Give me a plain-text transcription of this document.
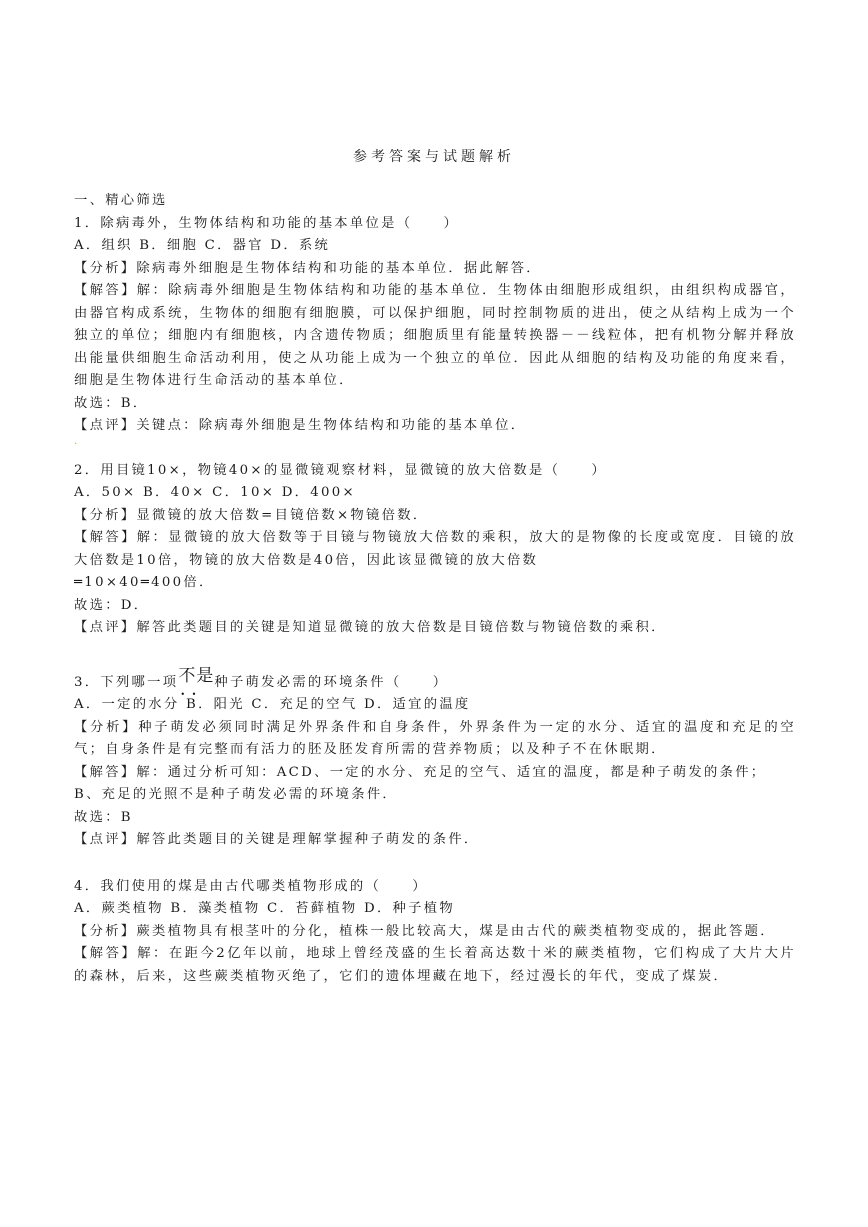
参考答案与试题解析

一、精心筛选

1．除病毒外，生物体结构和功能的基本单位是（　　）

A．组织 B．细胞 C．器官 D．系统

【分析】除病毒外细胞是生物体结构和功能的基本单位．据此解答．

【解答】解：除病毒外细胞是生物体结构和功能的基本单位．生物体由细胞形成组织，由组织构成器官，由器官构成系统，生物体的细胞有细胞膜，可以保护细胞，同时控制物质的进出，使之从结构上成为一个独立的单位；细胞内有细胞核，内含遗传物质；细胞质里有能量转换器－－线粒体，把有机物分解并释放出能量供细胞生命活动利用，使之从功能上成为一个独立的单位．因此从细胞的结构及功能的角度来看，细胞是生物体进行生命活动的基本单位．

故选：B．

【点评】关键点：除病毒外细胞是生物体结构和功能的基本单位．

·

2．用目镜10×，物镜40×的显微镜观察材料，显微镜的放大倍数是（　　）

A．50× B．40× C．10× D．400×

【分析】显微镜的放大倍数=目镜倍数×物镜倍数．

【解答】解：显微镜的放大倍数等于目镜与物镜放大倍数的乘积，放大的是物像的长度或宽度．目镜的放大倍数是10倍，物镜的放大倍数是40倍，因此该显微镜的放大倍数

═10×40═400倍．

故选：D．

【点评】解答此类题目的关键是知道显微镜的放大倍数是目镜倍数与物镜倍数的乘积．

3．下列哪一项不是 • •种子萌发必需的环境条件（　　）

A．一定的水分 B．阳光 C．充足的空气 D．适宜的温度

【分析】种子萌发必须同时满足外界条件和自身条件，外界条件为一定的水分、适宜的温度和充足的空气；自身条件是有完整而有活力的胚及胚发育所需的营养物质；以及种子不在休眠期．

【解答】解：通过分析可知：ACD、一定的水分、充足的空气、适宜的温度，都是种子萌发的条件；

B、充足的光照不是种子萌发必需的环境条件．

故选：B

【点评】解答此类题目的关键是理解掌握种子萌发的条件．

4．我们使用的煤是由古代哪类植物形成的（　　）

A．蕨类植物 B．藻类植物 C．苔藓植物 D．种子植物

【分析】蕨类植物具有根茎叶的分化，植株一般比较高大，煤是由古代的蕨类植物变成的，据此答题．

【解答】解：在距今2亿年以前，地球上曾经茂盛的生长着高达数十米的蕨类植物，它们构成了大片大片的森林，后来，这些蕨类植物灭绝了，它们的遗体埋藏在地下，经过漫长的年代，变成了煤炭．
